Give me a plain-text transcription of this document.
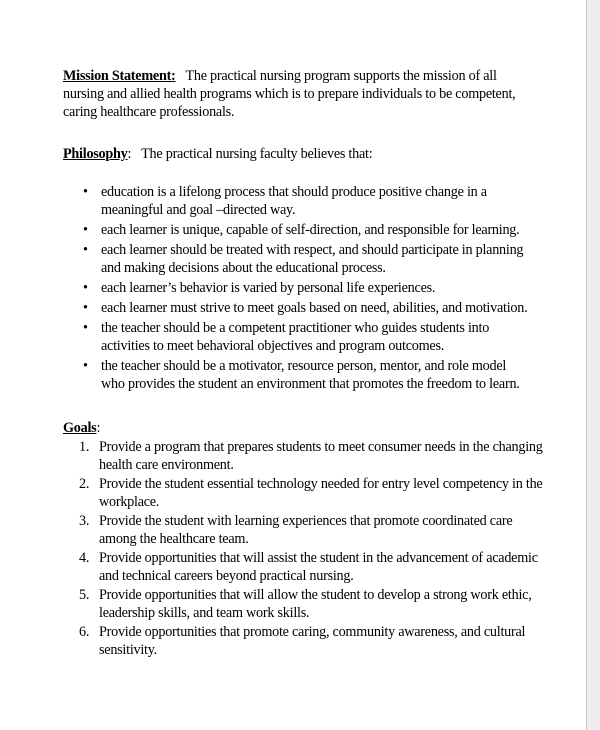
Mission Statement: The practical nursing program supports the mission of all nursing and allied health programs which is to prepare individuals to be competent, caring healthcare professionals.

Philosophy: The practical nursing faculty believes that:

• education is a lifelong process that should produce positive change in a meaningful and goal –directed way.
• each learner is unique, capable of self-direction, and responsible for learning.
• each learner should be treated with respect, and should participate in planning and making decisions about the educational process.
• each learner’s behavior is varied by personal life experiences.
• each learner must strive to meet goals based on need, abilities, and motivation.
• the teacher should be a competent practitioner who guides students into activities to meet behavioral objectives and program outcomes.
• the teacher should be a motivator, resource person, mentor, and role model who provides the student an environment that promotes the freedom to learn.

Goals:

1. Provide a program that prepares students to meet consumer needs in the changing health care environment.
2. Provide the student essential technology needed for entry level competency in the workplace.
3. Provide the student with learning experiences that promote coordinated care among the healthcare team.
4. Provide opportunities that will assist the student in the advancement of academic and technical careers beyond practical nursing.
5. Provide opportunities that will allow the student to develop a strong work ethic, leadership skills, and team work skills.
6. Provide opportunities that promote caring, community awareness, and cultural sensitivity.
